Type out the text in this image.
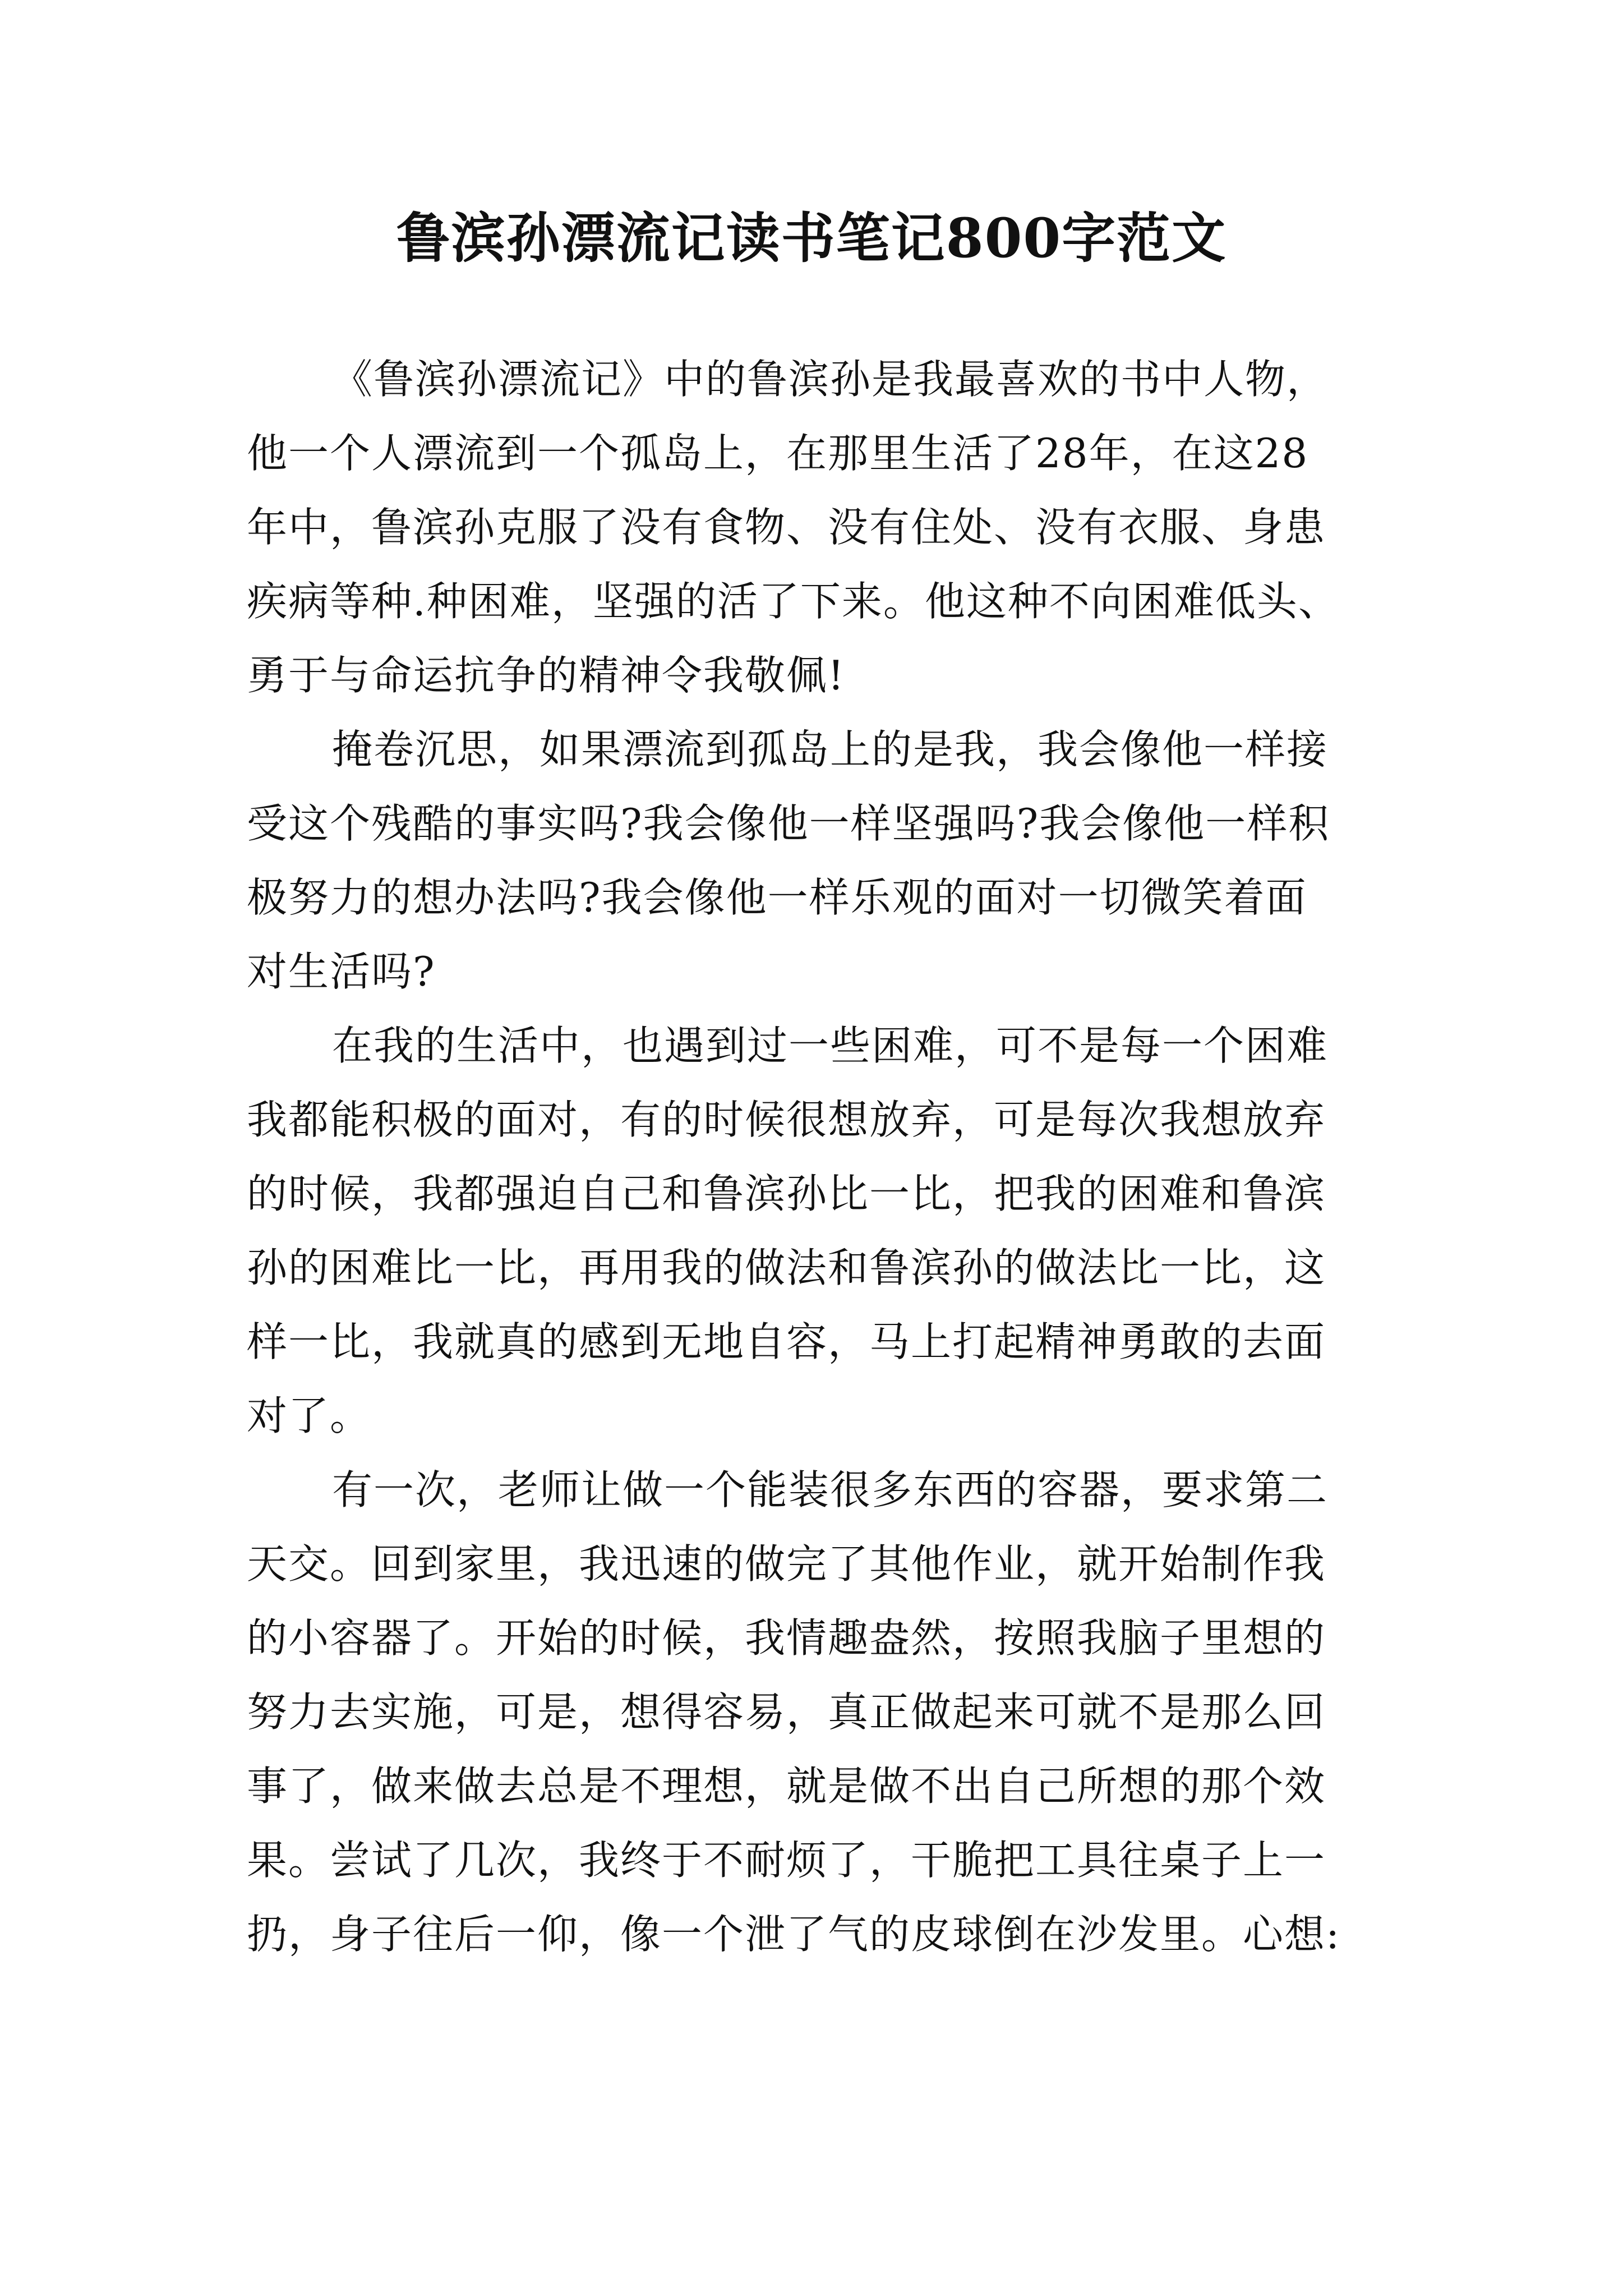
鲁滨孙漂流记读书笔记800字范文
《鲁滨孙漂流记》中的鲁滨孙是我最喜欢的书中人物，
他一个人漂流到一个孤岛上，在那里生活了28年，在这28
年中，鲁滨孙克服了没有食物、没有住处、没有衣服、身患
疾病等种.种困难，坚强的活了下来。他这种不向困难低头、
勇于与命运抗争的精神令我敬佩!
掩卷沉思，如果漂流到孤岛上的是我，我会像他一样接
受这个残酷的事实吗?我会像他一样坚强吗?我会像他一样积
极努力的想办法吗?我会像他一样乐观的面对一切微笑着面
对生活吗?
在我的生活中，也遇到过一些困难，可不是每一个困难
我都能积极的面对，有的时候很想放弃，可是每次我想放弃
的时候，我都强迫自己和鲁滨孙比一比，把我的困难和鲁滨
孙的困难比一比，再用我的做法和鲁滨孙的做法比一比，这
样一比，我就真的感到无地自容，马上打起精神勇敢的去面
对了。
有一次，老师让做一个能装很多东西的容器，要求第二
天交。回到家里，我迅速的做完了其他作业，就开始制作我
的小容器了。开始的时候，我情趣盎然，按照我脑子里想的
努力去实施，可是，想得容易，真正做起来可就不是那么回
事了，做来做去总是不理想，就是做不出自己所想的那个效
果。尝试了几次，我终于不耐烦了，干脆把工具往桌子上一
扔，身子往后一仰，像一个泄了气的皮球倒在沙发里。心想:
